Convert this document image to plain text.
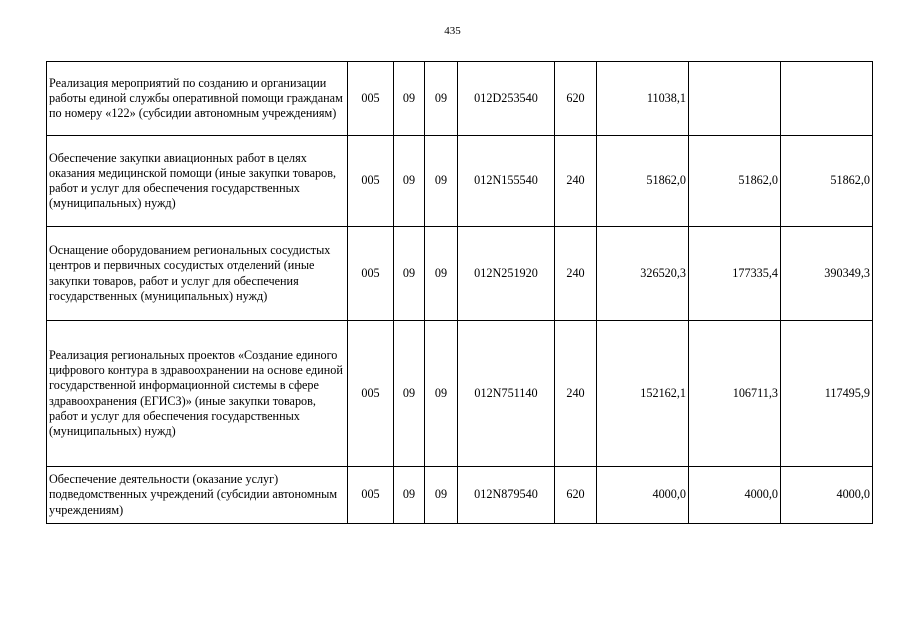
435
Реализация мероприятий по созданию и организации работы единой службы оперативной помощи гражданам по номеру «122» (субсидии автономным учреждениям)	005	09	09	012D253540	620	11038,1		
Обеспечение закупки авиационных работ в целях оказания медицинской помощи (иные закупки товаров, работ и услуг для обеспечения государственных (муниципальных) нужд)	005	09	09	012N155540	240	51862,0	51862,0	51862,0
Оснащение оборудованием региональных сосудистых центров и первичных сосудистых отделений (иные закупки товаров, работ и услуг для обеспечения государственных (муниципальных) нужд)	005	09	09	012N251920	240	326520,3	177335,4	390349,3
Реализация региональных проектов «Создание единого цифрового контура в здравоохранении на основе единой государственной информационной системы в сфере здравоохранения (ЕГИСЗ)» (иные закупки товаров, работ и услуг для обеспечения государственных (муниципальных) нужд)	005	09	09	012N751140	240	152162,1	106711,3	117495,9
Обеспечение деятельности (оказание услуг) подведомственных учреждений (субсидии автономным учреждениям)	005	09	09	012N879540	620	4000,0	4000,0	4000,0
